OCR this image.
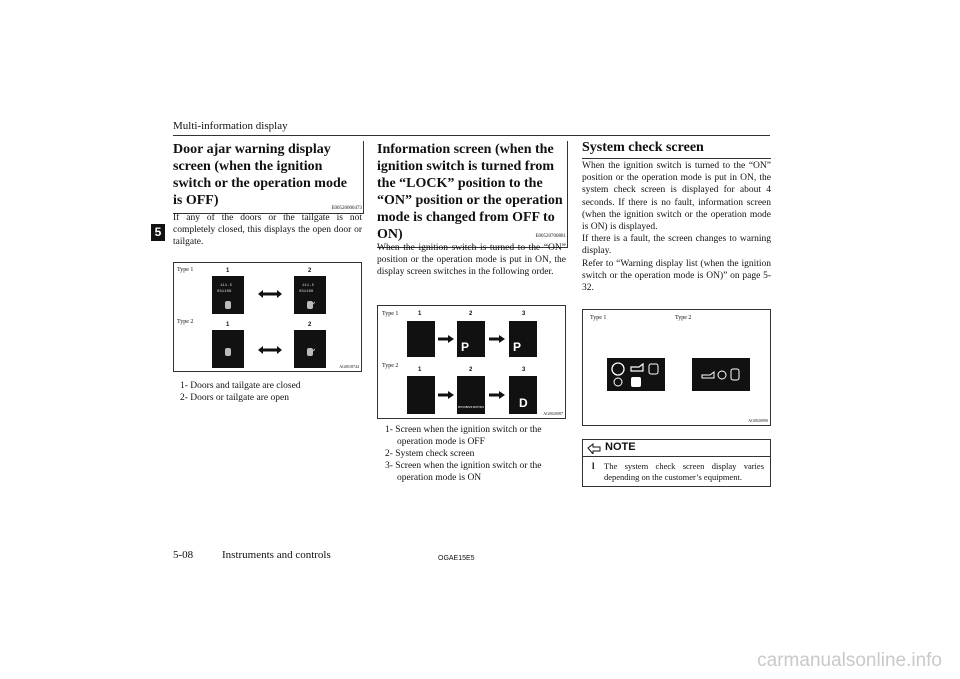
Multi-information display
5
Door ajar warning display screen (when the ignition switch or the operation mode is OFF)
E00520600473
If any of the doors or the tailgate is not completely closed, this displays the open door or tailgate.
Type 1
Type 2
1	2
1	2
111.5
031106
111.5
031106
AG0018744
1- Doors and tailgate are closed
2- Doors or tailgate are open
Information screen (when the ignition switch is turned from the “LOCK” position to the “ON” position or the operation mode is changed from OFF to ON)	E00520700881
When the ignition switch is turned to the “ON” position or the operation mode is put in ON, the display screen switches in the following order.
Type 1
Type 2
1	2	3
1	2	3
P	P
MITSUBISHI MOTORS	D
AG0020087
1- Screen when the ignition switch or the operation mode is OFF
2- System check screen
3- Screen when the ignition switch or the operation mode is ON
System check screen
When the ignition switch is turned to the “ON” position or the operation mode is put in ON, the system check screen is displayed for about 4 seconds. If there is no fault, information screen (when the ignition switch or the operation mode is ON) is displayed.
If there is a fault, the screen changes to warning display.
Refer to “Warning display list (when the ignition switch or the operation mode is ON)” on page 5-32.
Type 1	Type 2
AG0020090
NOTE
l The system check screen display varies depending on the customer’s equipment.
5-08	Instruments and controls	OGAE15E5
carmanualsonline.info
